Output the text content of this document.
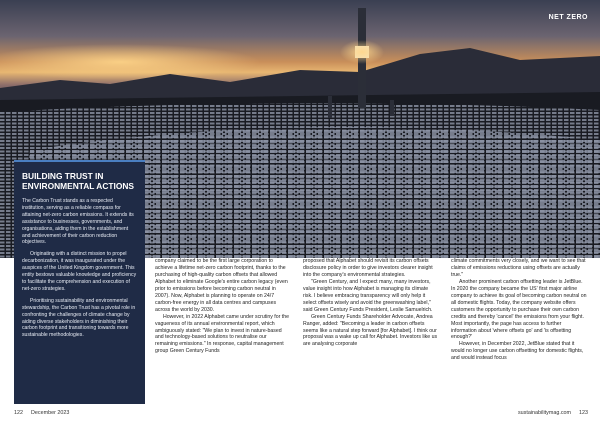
NET ZERO
BUILDING TRUST IN ENVIRONMENTAL ACTIONS

The Carbon Trust stands as a respected institution, serving as a reliable compass for attaining net-zero carbon emissions. It extends its assistance to businesses, governments, and organisations, aiding them in the establishment and achievement of their carbon reduction objectives.

Originating with a distinct mission to propel decarbonization, it was inaugurated under the auspices of the United Kingdom government. This entity bestows valuable knowledge and proficiency to facilitate the comprehension and execution of net-zero strategies.

Prioritising sustainability and environmental stewardship, the Carbon Trust has a pivotal role in confronting the challenges of climate change by aiding diverse stakeholders in diminishing their carbon footprint and transitioning towards more sustainable methodologies.

company claimed to be the first large corporation to achieve a lifetime net-zero carbon footprint, thanks to the purchasing of high-quality carbon offsets that allowed Alphabet to eliminate Google's entire carbon legacy (even prior to emissions before becoming carbon neutral in 2007). Now, Alphabet is planning to operate on 24/7 carbon-free energy in all data centres and campuses across the world by 2030.

However, in 2022 Alphabet came under scrutiny for the vagueness of its annual environmental report, which ambiguously stated: "We plan to invest in nature-based and technology-based solutions to neutralise our remaining emissions." In response, capital management group Green Century Funds

proposed that Alphabet should revisit its carbon offsets disclosure policy in order to give investors clearer insight into the company's environmental strategies.

"Green Century, and I expect many, many investors, value insight into how Alphabet is managing its climate risk. I believe embracing transparency will only help it select offsets wisely and avoid the greenwashing label," said Green Century Funds President, Leslie Samuelrich.

Green Century Funds Shareholder Advocate, Andrea Ranger, added: "Becoming a leader in carbon offsets seems like a natural step forward [for Alphabet]. I think our proposal was a wake up call for Alphabet. Investors like us are analysing corporate

climate commitments very closely, and we want to see that claims of emissions reductions using offsets are actually true."

Another prominent carbon offsetting leader is JetBlue. In 2020 the company became the US' first major airline company to achieve its goal of becoming carbon neutral on all domestic flights. Today, the company website offers customers the opportunity to purchase their own carbon credits and thereby 'cancel' the emissions from your flight. Most importantly, the page has access to further information about 'where offsets go' and 'is offsetting enough?'

However, in December 2022, JetBlue stated that it would no longer use carbon offsetting for domestic flights, and would instead focus

122 December 2023	sustainabilitymag.com 123
